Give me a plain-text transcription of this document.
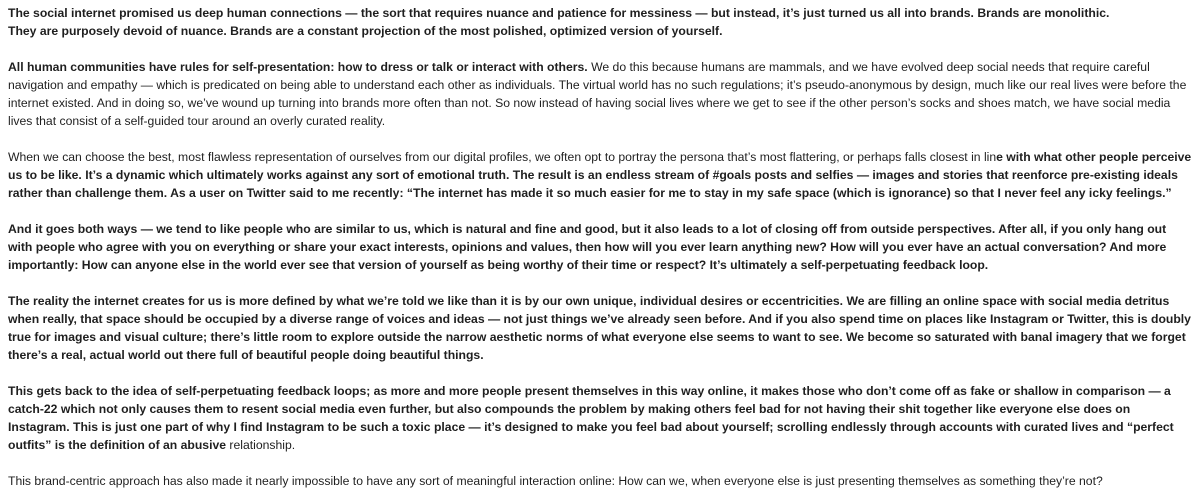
The social internet promised us deep human connections — the sort that requires nuance and patience for messiness — but instead, it’s just turned us all into brands. Brands are monolithic.
They are purposely devoid of nuance. Brands are a constant projection of the most polished, optimized version of yourself.

All human communities have rules for self-presentation: how to dress or talk or interact with others. We do this because humans are mammals, and we have evolved deep social needs that require careful navigation and empathy — which is predicated on being able to understand each other as individuals. The virtual world has no such regulations; it’s pseudo-anonymous by design, much like our real lives were before the internet existed. And in doing so, we’ve wound up turning into brands more often than not. So now instead of having social lives where we get to see if the other person’s socks and shoes match, we have social media lives that consist of a self-guided tour around an overly curated reality.

When we can choose the best, most flawless representation of ourselves from our digital profiles, we often opt to portray the persona that’s most flattering, or perhaps falls closest in line with what other people perceive us to be like. It’s a dynamic which ultimately works against any sort of emotional truth. The result is an endless stream of #goals posts and selfies — images and stories that reenforce pre-existing ideals rather than challenge them. As a user on Twitter said to me recently: “The internet has made it so much easier for me to stay in my safe space (which is ignorance) so that I never feel any icky feelings.”

And it goes both ways — we tend to like people who are similar to us, which is natural and fine and good, but it also leads to a lot of closing off from outside perspectives. After all, if you only hang out with people who agree with you on everything or share your exact interests, opinions and values, then how will you ever learn anything new? How will you ever have an actual conversation? And more importantly: How can anyone else in the world ever see that version of yourself as being worthy of their time or respect? It’s ultimately a self-perpetuating feedback loop.

The reality the internet creates for us is more defined by what we’re told we like than it is by our own unique, individual desires or eccentricities. We are filling an online space with social media detritus when really, that space should be occupied by a diverse range of voices and ideas — not just things we’ve already seen before. And if you also spend time on places like Instagram or Twitter, this is doubly true for images and visual culture; there’s little room to explore outside the narrow aesthetic norms of what everyone else seems to want to see. We become so saturated with banal imagery that we forget there’s a real, actual world out there full of beautiful people doing beautiful things.

This gets back to the idea of self-perpetuating feedback loops; as more and more people present themselves in this way online, it makes those who don’t come off as fake or shallow in comparison — a catch-22 which not only causes them to resent social media even further, but also compounds the problem by making others feel bad for not having their shit together like everyone else does on Instagram. This is just one part of why I find Instagram to be such a toxic place — it’s designed to make you feel bad about yourself; scrolling endlessly through accounts with curated lives and “perfect outfits” is the definition of an abusive relationship.

This brand-centric approach has also made it nearly impossible to have any sort of meaningful interaction online: How can we, when everyone else is just presenting themselves as something they’re not?
